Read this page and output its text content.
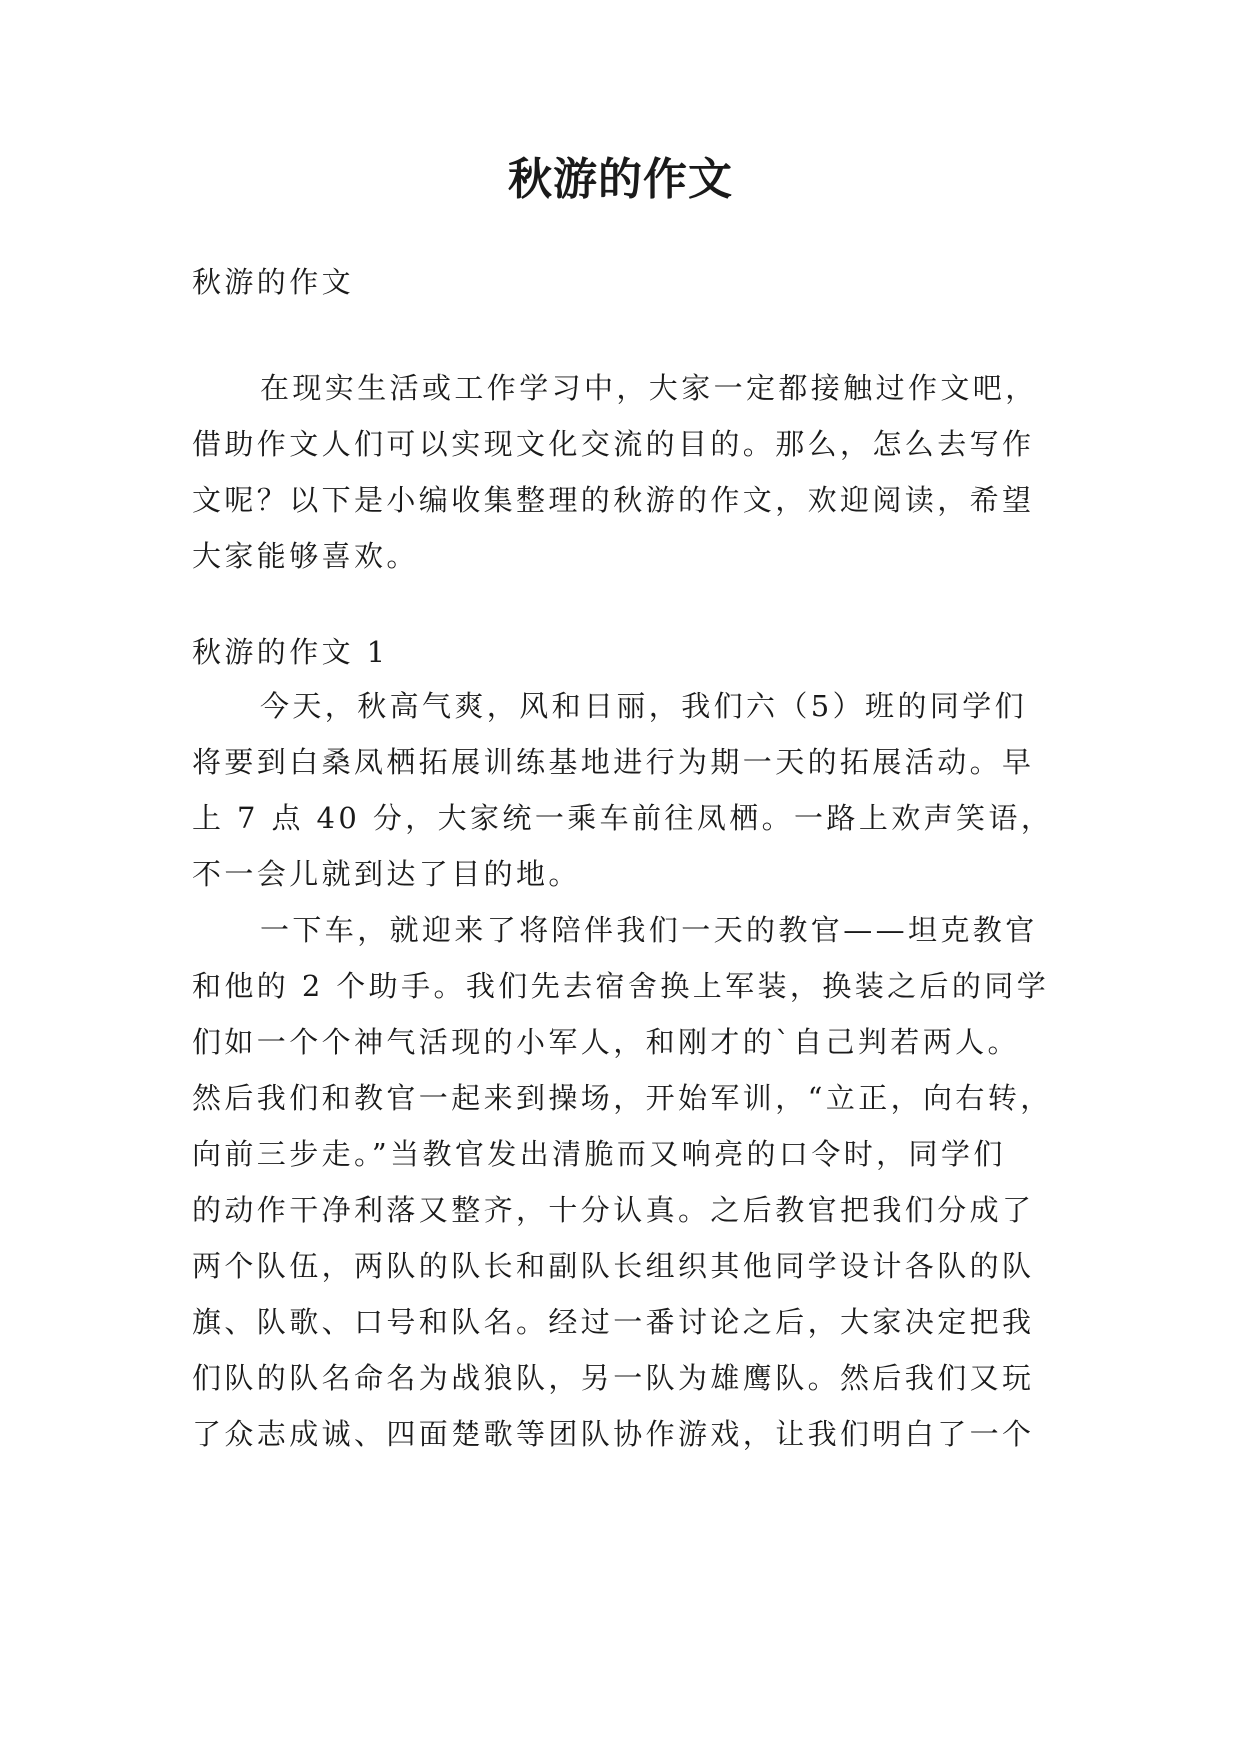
秋游的作文
秋游的作文
在现实生活或工作学习中，大家一定都接触过作文吧，
借助作文人们可以实现文化交流的目的。那么，怎么去写作
文呢？以下是小编收集整理的秋游的作文，欢迎阅读，希望
大家能够喜欢。
秋游的作文 1
今天，秋高气爽，风和日丽，我们六（5）班的同学们
将要到白桑凤栖拓展训练基地进行为期一天的拓展活动。早
上 7 点 40 分，大家统一乘车前往凤栖。一路上欢声笑语，
不一会儿就到达了目的地。
一下车，就迎来了将陪伴我们一天的教官——坦克教官
和他的 2 个助手。我们先去宿舍换上军装，换装之后的同学
们如一个个神气活现的小军人，和刚才的`自己判若两人。
然后我们和教官一起来到操场，开始军训，“立正，向右转，
向前三步走。”当教官发出清脆而又响亮的口令时，同学们
的动作干净利落又整齐，十分认真。之后教官把我们分成了
两个队伍，两队的队长和副队长组织其他同学设计各队的队
旗、队歌、口号和队名。经过一番讨论之后，大家决定把我
们队的队名命名为战狼队，另一队为雄鹰队。然后我们又玩
了众志成诚、四面楚歌等团队协作游戏，让我们明白了一个
